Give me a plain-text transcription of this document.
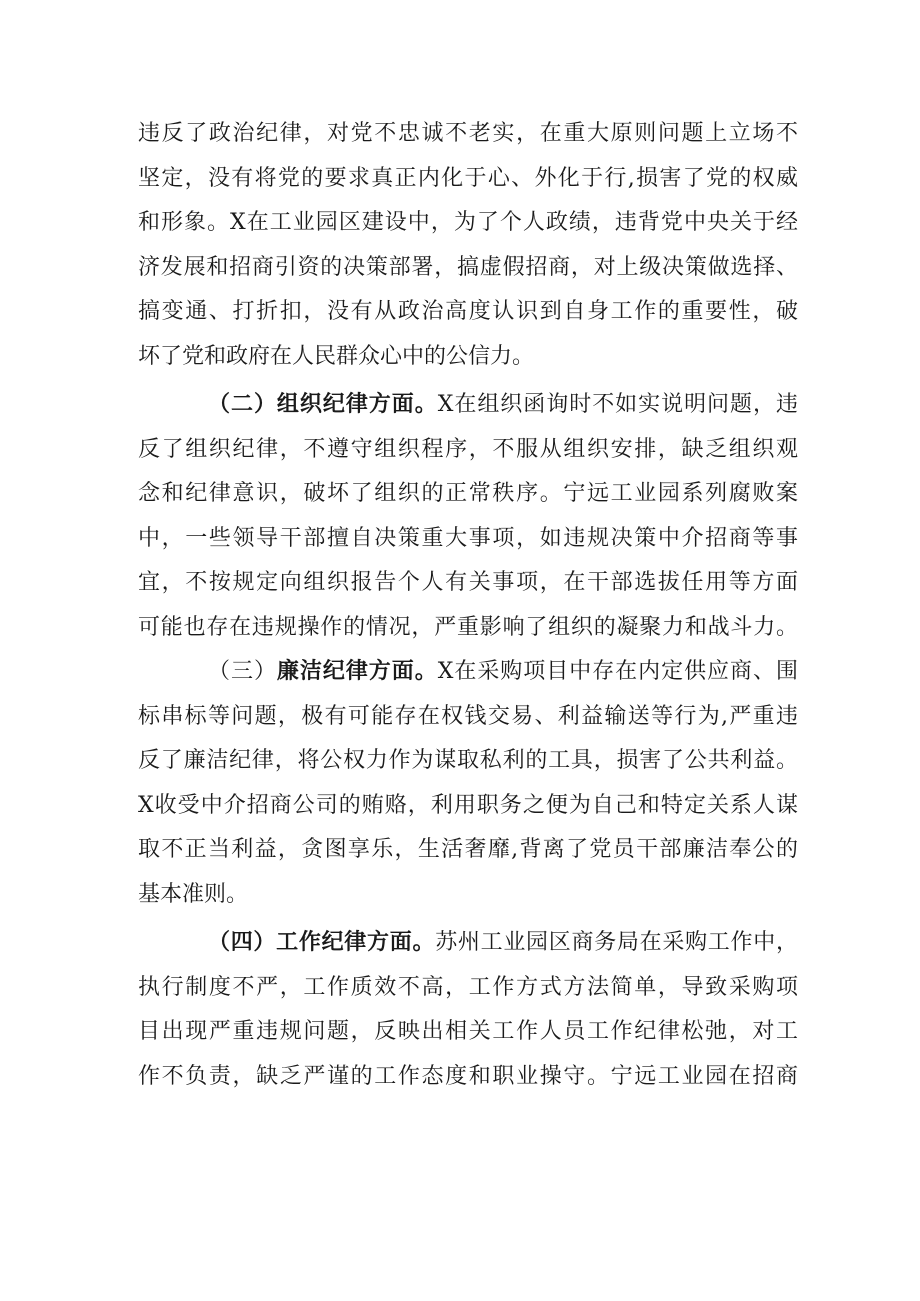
违反了政治纪律，对党不忠诚不老实，在重大原则问题上立场不
坚定，没有将党的要求真正内化于心、外化于行,损害了党的权威
和形象。X在工业园区建设中，为了个人政绩，违背党中央关于经
济发展和招商引资的决策部署，搞虚假招商，对上级决策做选择、
搞变通、打折扣，没有从政治高度认识到自身工作的重要性，破
坏了党和政府在人民群众心中的公信力。
（二）组织纪律方面。X在组织函询时不如实说明问题，违
反了组织纪律，不遵守组织程序，不服从组织安排，缺乏组织观
念和纪律意识，破坏了组织的正常秩序。宁远工业园系列腐败案
中，一些领导干部擅自决策重大事项，如违规决策中介招商等事
宜，不按规定向组织报告个人有关事项，在干部选拔任用等方面
可能也存在违规操作的情况，严重影响了组织的凝聚力和战斗力。
（三）廉洁纪律方面。X在采购项目中存在内定供应商、围
标串标等问题，极有可能存在权钱交易、利益输送等行为,严重违
反了廉洁纪律，将公权力作为谋取私利的工具，损害了公共利益。
X收受中介招商公司的贿赂，利用职务之便为自己和特定关系人谋
取不正当利益，贪图享乐，生活奢靡,背离了党员干部廉洁奉公的
基本准则。
（四）工作纪律方面。苏州工业园区商务局在采购工作中，
执行制度不严，工作质效不高，工作方式方法简单，导致采购项
目出现严重违规问题，反映出相关工作人员工作纪律松弛，对工
作不负责，缺乏严谨的工作态度和职业操守。宁远工业园在招商
